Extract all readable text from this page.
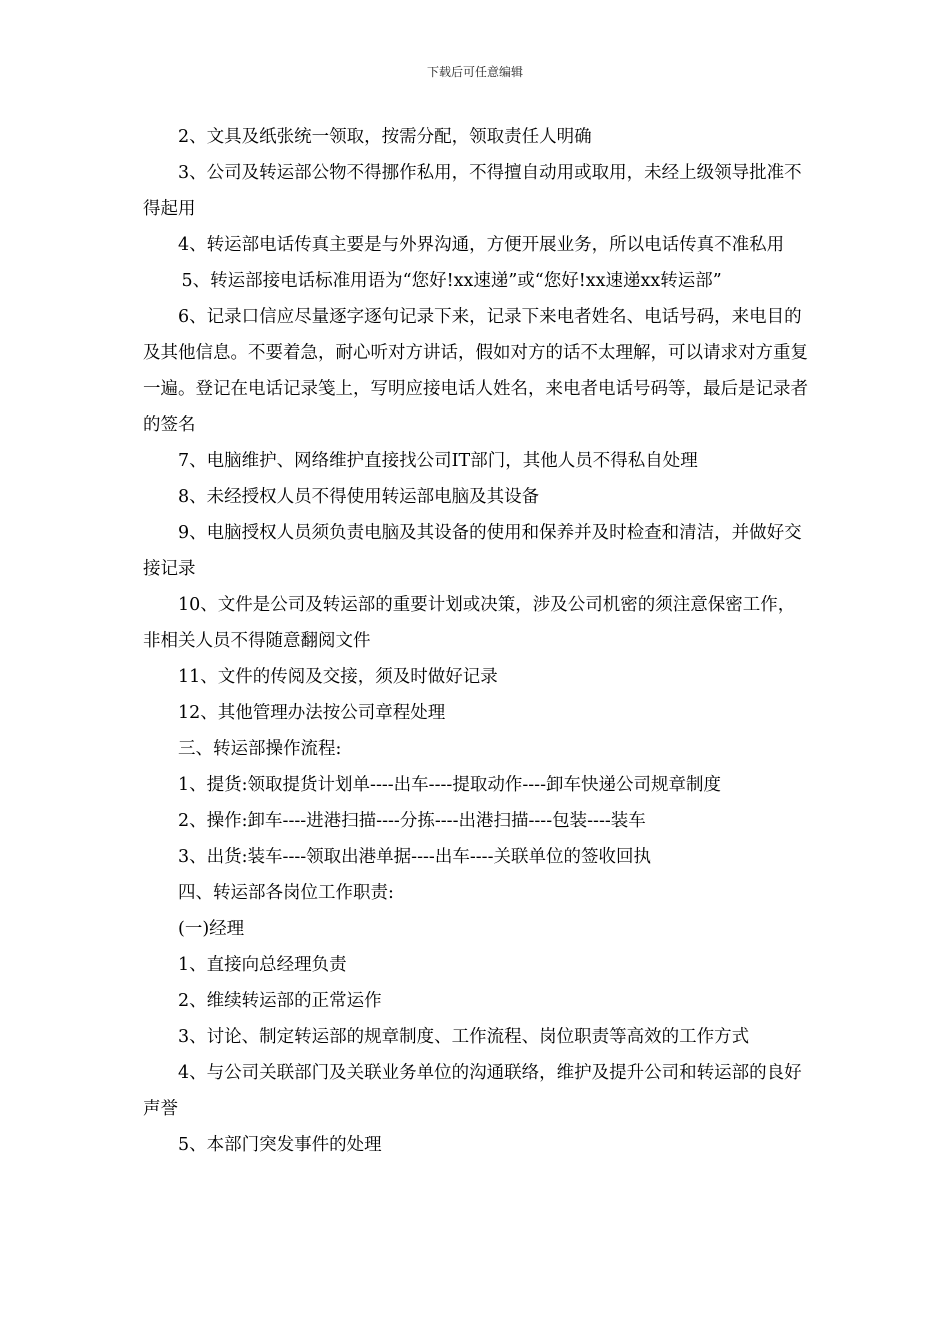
下载后可任意编辑

2、文具及纸张统一领取，按需分配，领取责任人明确

3、公司及转运部公物不得挪作私用，不得擅自动用或取用，未经上级领导批准不得起用

4、转运部电话传真主要是与外界沟通，方便开展业务，所以电话传真不准私用

5、转运部接电话标准用语为“您好!xx速递”或“您好!xx速递xx转运部”

6、记录口信应尽量逐字逐句记录下来，记录下来电者姓名、电话号码，来电目的及其他信息。不要着急，耐心听对方讲话，假如对方的话不太理解，可以请求对方重复一遍。登记在电话记录笺上，写明应接电话人姓名，来电者电话号码等，最后是记录者的签名

7、电脑维护、网络维护直接找公司IT部门，其他人员不得私自处理

8、未经授权人员不得使用转运部电脑及其设备

9、电脑授权人员须负责电脑及其设备的使用和保养并及时检查和清洁，并做好交接记录

10、文件是公司及转运部的重要计划或决策，涉及公司机密的须注意保密工作，非相关人员不得随意翻阅文件

11、文件的传阅及交接，须及时做好记录

12、其他管理办法按公司章程处理

三、转运部操作流程:

1、提货:领取提货计划单----出车----提取动作----卸车快递公司规章制度

2、操作:卸车----进港扫描----分拣----出港扫描----包装----装车

3、出货:装车----领取出港单据----出车----关联单位的签收回执

四、转运部各岗位工作职责:

(一)经理

1、直接向总经理负责

2、维续转运部的正常运作

3、讨论、制定转运部的规章制度、工作流程、岗位职责等高效的工作方式

4、与公司关联部门及关联业务单位的沟通联络，维护及提升公司和转运部的良好声誉

5、本部门突发事件的处理
